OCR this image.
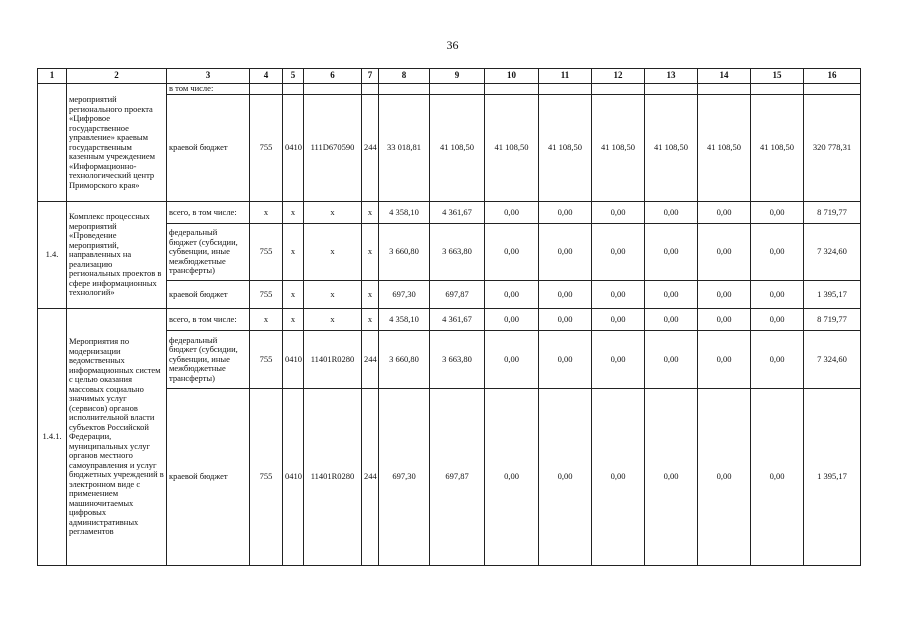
36
1	2	3	4	5	6	7	8	9	10	11	12	13	14	15	16
	мероприятий регионального проекта «Цифровое государственное управление» краевым государственным казенным учреждением «Информационно-технологический центр Приморского края»	в том числе:													
		краевой бюджет	755	0410	111D670590	244	33 018,81	41 108,50	41 108,50	41 108,50	41 108,50	41 108,50	41 108,50	41 108,50	320 778,31
1.4.	Комплекс процессных мероприятий «Проведение мероприятий, направленных на реализацию региональных проектов в сфере информационных технологий»	всего, в том числе:	x	x	x	x	4 358,10	4 361,67	0,00	0,00	0,00	0,00	0,00	0,00	8 719,77
		федеральный бюджет (субсидии, субвенции, иные межбюджетные трансферты)	755	x	x	x	3 660,80	3 663,80	0,00	0,00	0,00	0,00	0,00	0,00	7 324,60
		краевой бюджет	755	x	x	x	697,30	697,87	0,00	0,00	0,00	0,00	0,00	0,00	1 395,17
1.4.1.	Мероприятия по модернизации ведомственных информационных систем с целью оказания массовых социально значимых услуг (сервисов) органов исполнительной власти субъектов Российской Федерации, муниципальных услуг органов местного самоуправления и услуг бюджетных учреждений в электронном виде с применением машиночитаемых цифровых административных регламентов	всего, в том числе:	x	x	x	x	4 358,10	4 361,67	0,00	0,00	0,00	0,00	0,00	0,00	8 719,77
		федеральный бюджет (субсидии, субвенции, иные межбюджетные трансферты)	755	0410	11401R0280	244	3 660,80	3 663,80	0,00	0,00	0,00	0,00	0,00	0,00	7 324,60
		краевой бюджет	755	0410	11401R0280	244	697,30	697,87	0,00	0,00	0,00	0,00	0,00	0,00	1 395,17
